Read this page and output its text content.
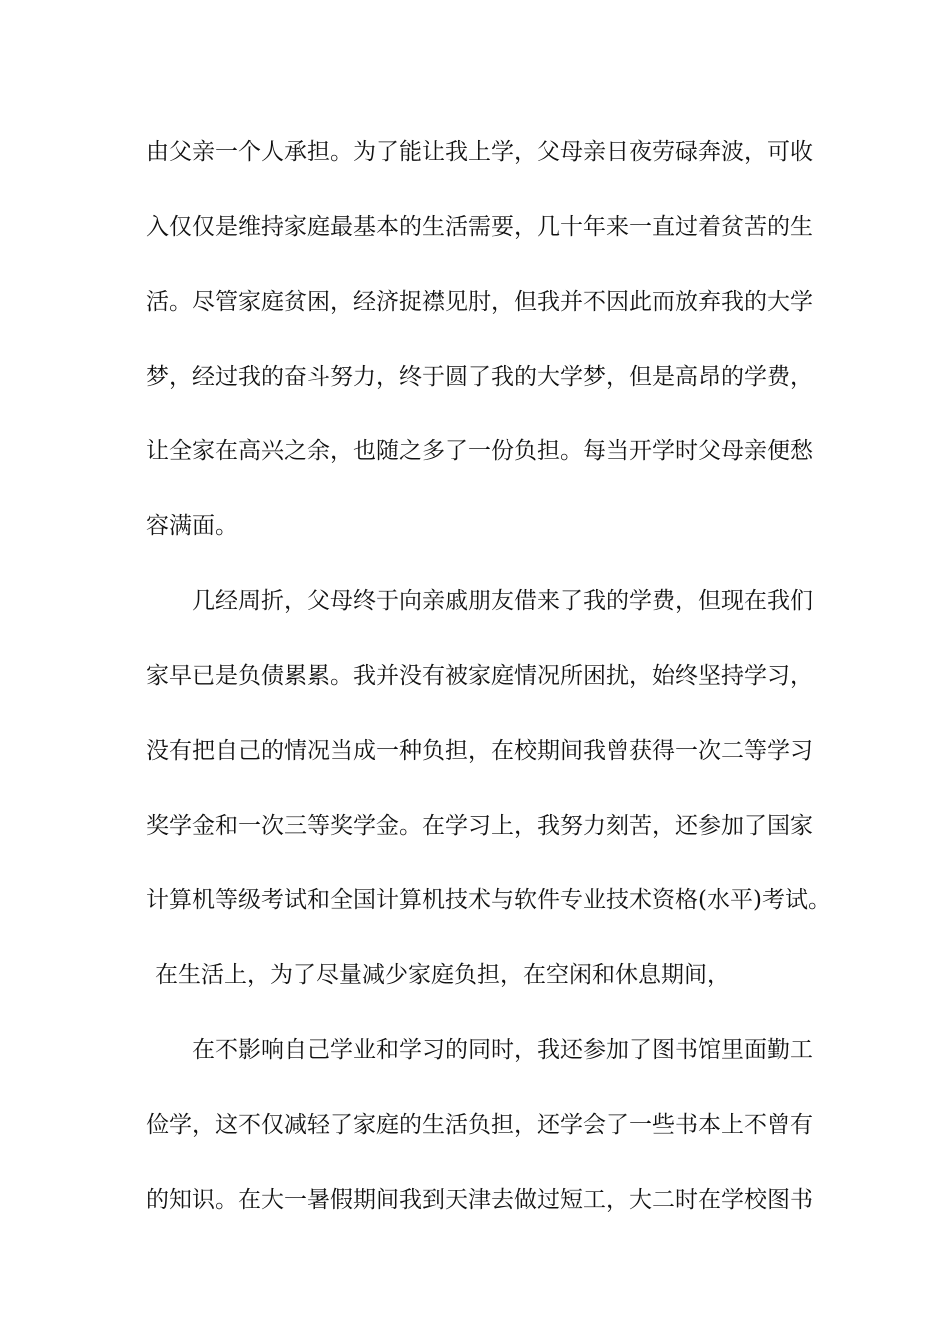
由父亲一个人承担。为了能让我上学，父母亲日夜劳碌奔波，可收
入仅仅是维持家庭最基本的生活需要，几十年来一直过着贫苦的生
活。尽管家庭贫困，经济捉襟见肘，但我并不因此而放弃我的大学
梦，经过我的奋斗努力，终于圆了我的大学梦，但是高昂的学费，
让全家在高兴之余，也随之多了一份负担。每当开学时父母亲便愁
容满面。
几经周折，父母终于向亲戚朋友借来了我的学费，但现在我们
家早已是负债累累。我并没有被家庭情况所困扰，始终坚持学习，
没有把自己的情况当成一种负担，在校期间我曾获得一次二等学习
奖学金和一次三等奖学金。在学习上，我努力刻苦，还参加了国家
计算机等级考试和全国计算机技术与软件专业技术资格(水平)考试。
在生活上，为了尽量减少家庭负担，在空闲和休息期间，
在不影响自己学业和学习的同时，我还参加了图书馆里面勤工
俭学，这不仅减轻了家庭的生活负担，还学会了一些书本上不曾有
的知识。在大一暑假期间我到天津去做过短工，大二时在学校图书
